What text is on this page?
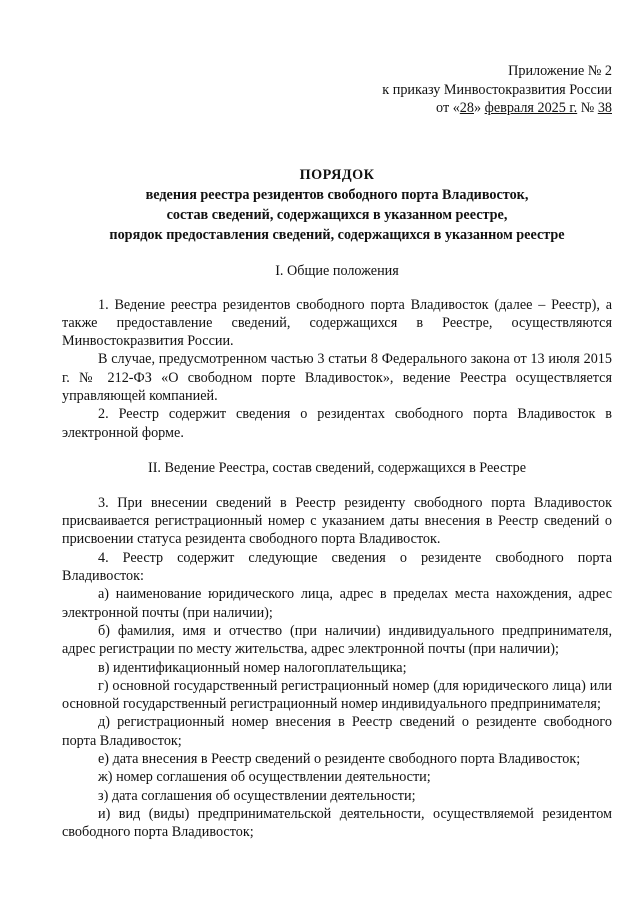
Приложение № 2
к приказу Минвостокразвития России
от «28» февраля 2025 г. № 38
ПОРЯДОК
ведения реестра резидентов свободного порта Владивосток,
состав сведений, содержащихся в указанном реестре,
порядок предоставления сведений, содержащихся в указанном реестре
I. Общие положения

1. Ведение реестра резидентов свободного порта Владивосток (далее – Реестр), а также предоставление сведений, содержащихся в Реестре, осуществляются Минвостокразвития России.

В случае, предусмотренном частью 3 статьи 8 Федерального закона от 13 июля 2015 г. № 212-ФЗ «О свободном порте Владивосток», ведение Реестра осуществляется управляющей компанией.

2. Реестр содержит сведения о резидентах свободного порта Владивосток в электронной форме.

II. Ведение Реестра, состав сведений, содержащихся в Реестре

3. При внесении сведений в Реестр резиденту свободного порта Владивосток присваивается регистрационный номер с указанием даты внесения в Реестр сведений о присвоении статуса резидента свободного порта Владивосток.

4. Реестр содержит следующие сведения о резиденте свободного порта Владивосток:

а) наименование юридического лица, адрес в пределах места нахождения, адрес электронной почты (при наличии);

б) фамилия, имя и отчество (при наличии) индивидуального предпринимателя, адрес регистрации по месту жительства, адрес электронной почты (при наличии);

в) идентификационный номер налогоплательщика;

г) основной государственный регистрационный номер (для юридического лица) или основной государственный регистрационный номер индивидуального предпринимателя;

д) регистрационный номер внесения в Реестр сведений о резиденте свободного порта Владивосток;

е) дата внесения в Реестр сведений о резиденте свободного порта Владивосток;

ж) номер соглашения об осуществлении деятельности;

з) дата соглашения об осуществлении деятельности;

и) вид (виды) предпринимательской деятельности, осуществляемой резидентом свободного порта Владивосток;
